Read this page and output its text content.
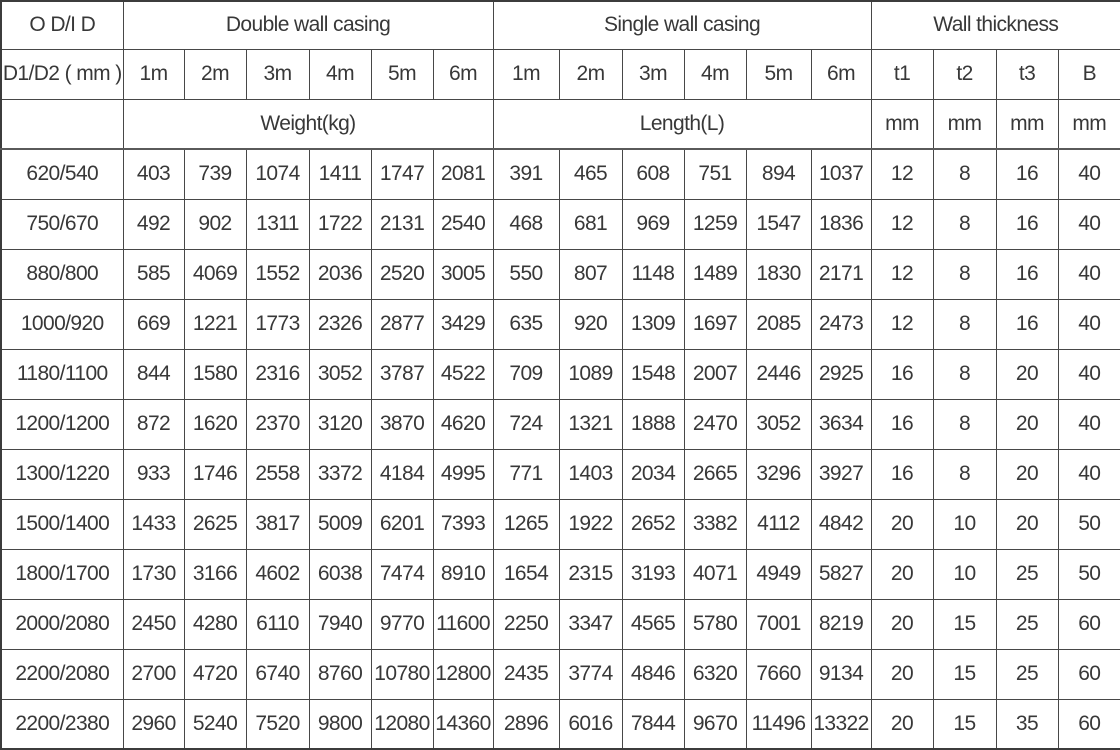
O D/I D	Double wall casing						Single wall casing						Wall thickness			
D1/D2 ( mm )	1m	2m	3m	4m	5m	6m	1m	2m	3m	4m	5m	6m	t1	t2	t3	B
	Weight(kg)						Length(L)						mm	mm	mm	mm
620/540	403	739	1074	1411	1747	2081	391	465	608	751	894	1037	12	8	16	40
750/670	492	902	1311	1722	2131	2540	468	681	969	1259	1547	1836	12	8	16	40
880/800	585	4069	1552	2036	2520	3005	550	807	1148	1489	1830	2171	12	8	16	40
1000/920	669	1221	1773	2326	2877	3429	635	920	1309	1697	2085	2473	12	8	16	40
1180/1100	844	1580	2316	3052	3787	4522	709	1089	1548	2007	2446	2925	16	8	20	40
1200/1200	872	1620	2370	3120	3870	4620	724	1321	1888	2470	3052	3634	16	8	20	40
1300/1220	933	1746	2558	3372	4184	4995	771	1403	2034	2665	3296	3927	16	8	20	40
1500/1400	1433	2625	3817	5009	6201	7393	1265	1922	2652	3382	4112	4842	20	10	20	50
1800/1700	1730	3166	4602	6038	7474	8910	1654	2315	3193	4071	4949	5827	20	10	25	50
2000/2080	2450	4280	6110	7940	9770	11600	2250	3347	4565	5780	7001	8219	20	15	25	60
2200/2080	2700	4720	6740	8760	10780	12800	2435	3774	4846	6320	7660	9134	20	15	25	60
2200/2380	2960	5240	7520	9800	12080	14360	2896	6016	7844	9670	11496	13322	20	15	35	60
